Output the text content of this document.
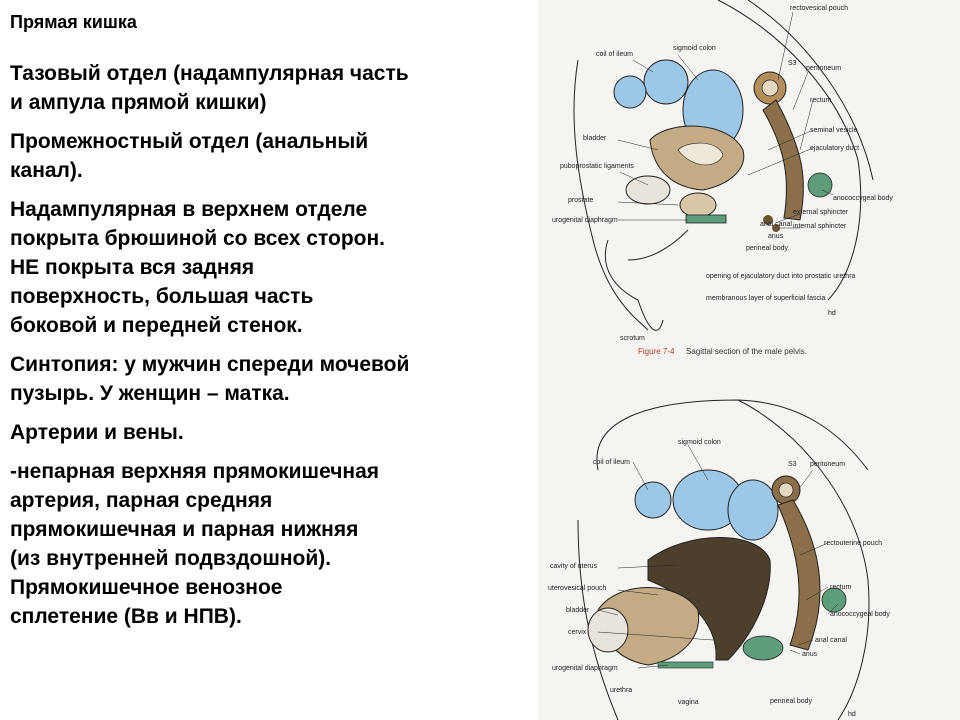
Прямая кишка
Тазовый отдел (надампулярная часть
и ампула прямой кишки)
Промежностный отдел (анальный
канал).
Надампулярная в верхнем отделе
покрыта брюшиной со всех сторон.
НЕ покрыта вся задняя
поверхность, большая часть
боковой и передней стенок.
Синтопия: у мужчин спереди мочевой
пузырь. У женщин – матка.
Артерии и вены.
-непарная верхняя прямокишечная
артерия, парная средняя
прямокишечная и парная нижняя
(из внутренней подвздошной).
Прямокишечное венозное
сплетение (Вв и НПВ).
coil of ileum
sigmoid colon
rectovesical pouch
S3
peritoneum
rectum
seminal vesicle
ejaculatory duct
bladder
puboprostatic ligaments
prostate
urogenital diaphragm
anococcygeal body
external sphincter
internal sphincter
anal canal
anus
perineal body
opening of ejaculatory duct into prostatic urethra
membranous layer of superficial fascia
scrotum
hd
Figure 7-4 Sagittal section of the male pelvis.
sigmoid colon
coil of ileum	S3 peritoneum
cavity of uterus
uterovesical pouch
rectouterine pouch
bladder
rectum
anococcygeal body
cervix
anal canal
anus
urogenital diaphragm
urethra
vagina	perineal body
hd
